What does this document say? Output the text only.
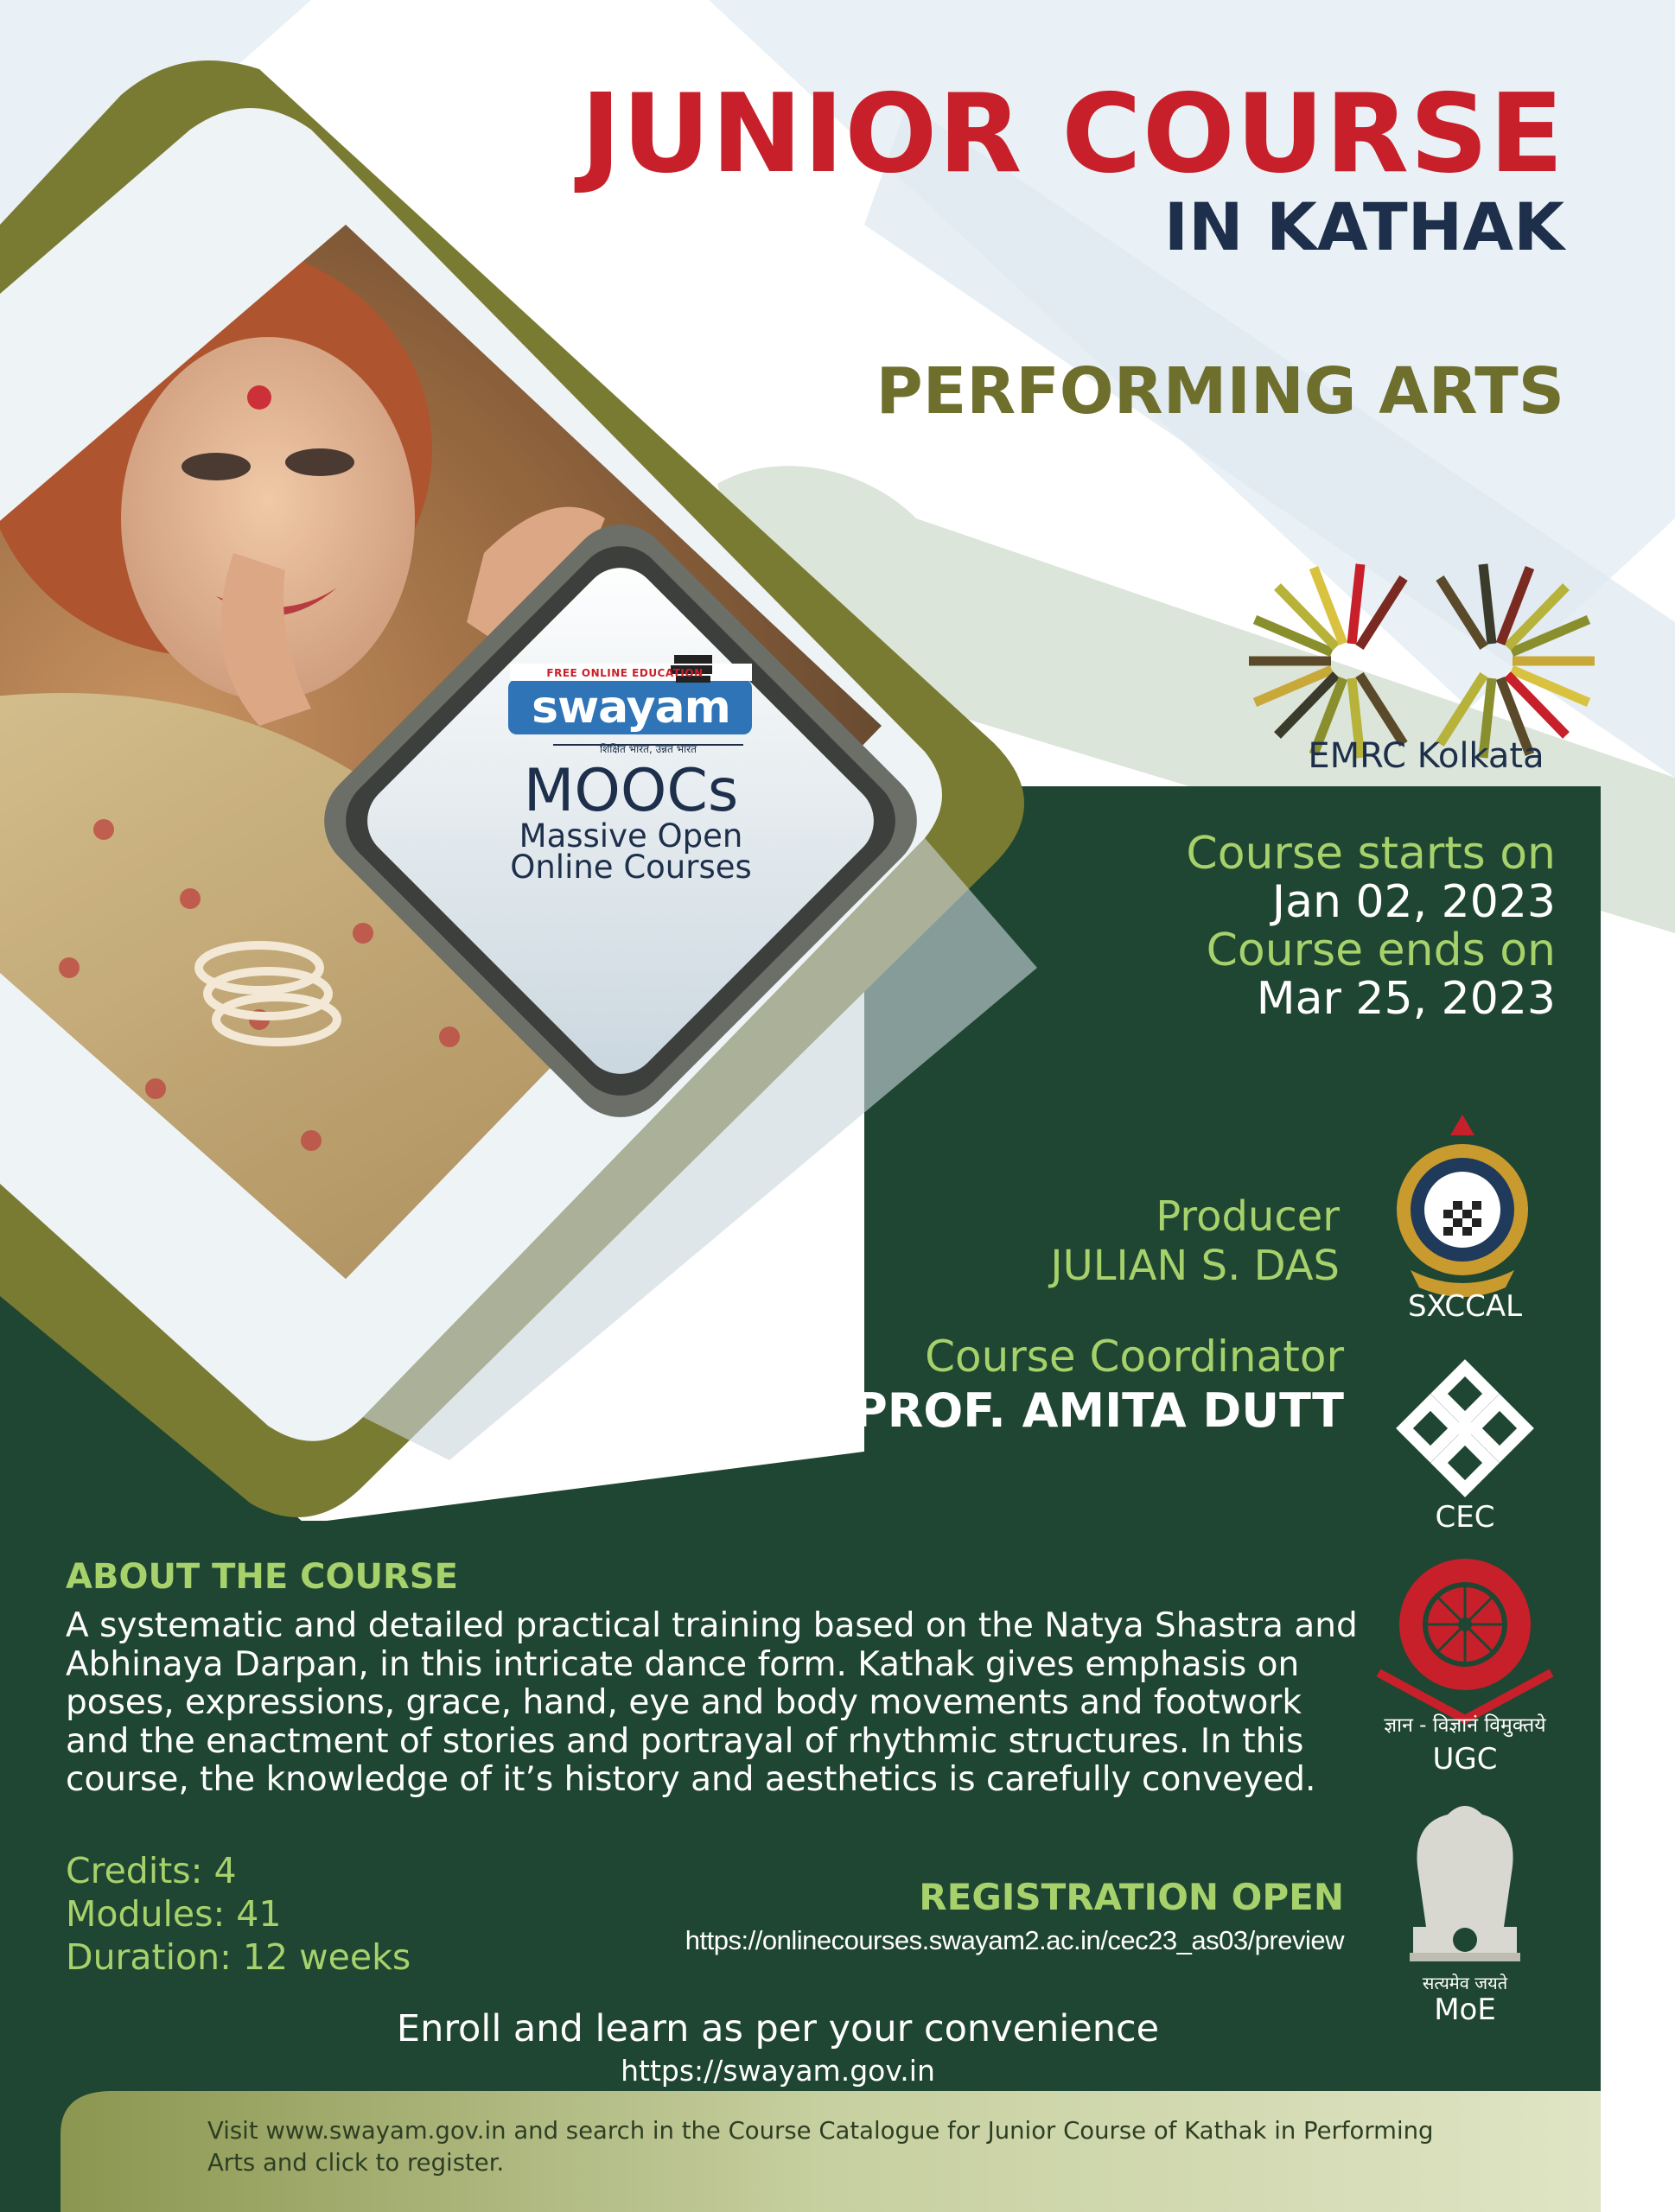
JUNIOR COURSE
IN KATHAK
PERFORMING ARTS
EMRC Kolkata
FREE ONLINE EDUCATION
swayam
शिक्षित भारत, उन्नत भारत
MOOCs
Massive Open
Online Courses	Course starts on
Jan 02, 2023
Course ends on
Mar 25, 2023
Producer
JULIAN S. DAS
Course Coordinator
PROF. AMITA DUTT
SXCCAL
CEC
ज्ञान - विज्ञानं विमुक्तये
UGC
सत्यमेव जयते
MoE
ABOUT THE COURSE
A systematic and detailed practical training based on the Natya Shastra and Abhinaya Darpan, in this intricate dance form. Kathak gives emphasis on poses, expressions, grace, hand, eye and body movements and footwork and the enactment of stories and portrayal of rhythmic structures. In this course, the knowledge of it’s history and aesthetics is carefully conveyed.
Credits: 4
Modules: 41
Duration: 12 weeks
REGISTRATION OPEN
https://onlinecourses.swayam2.ac.in/cec23_as03/preview
Enroll and learn as per your convenience
https://swayam.gov.in
Visit www.swayam.gov.in and search in the Course Catalogue for Junior Course of Kathak in Performing Arts and click to register.
